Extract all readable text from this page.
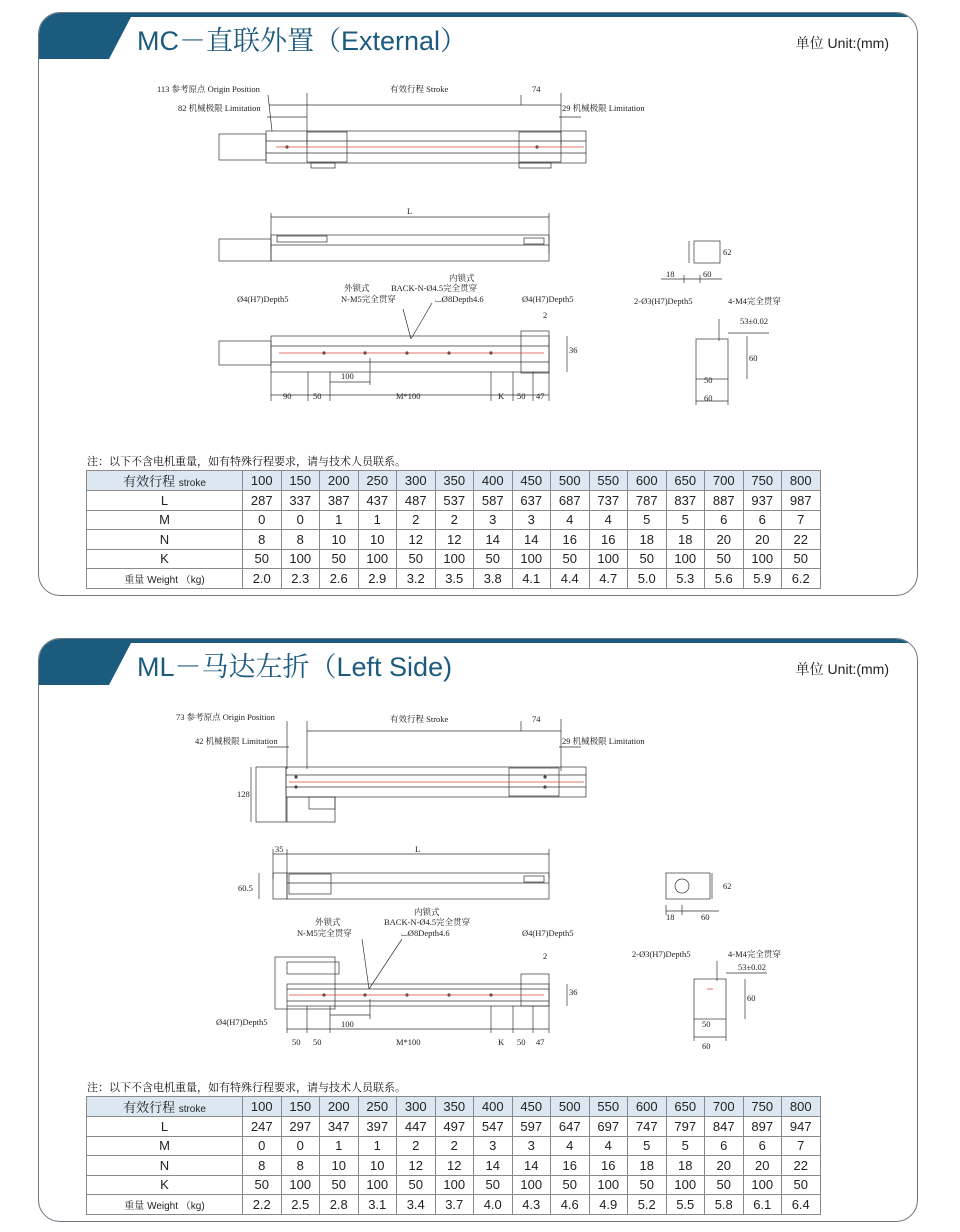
MC－直联外置（External）	单位 Unit:(mm)
113 参考原点 Origin Position	有效行程 Stroke	74
82 机械极限 Limitation	29 机械极限 Limitation
L
内锁式
BACK-N-Ø4.5完全贯穿
⌴Ø8Depth4.6
外锁式
N-M5完全贯穿
Ø4(H7)Depth5	Ø4(H7)Depth5
2
36
100
90	50	M*100	K 50 47
62
18	60
2-Ø3(H7)Depth5	4-M4完全贯穿
53±0.02
60
50
60
注：以下不含电机重量，如有特殊行程要求，请与技术人员联系。
有效行程 stroke	100	150	200	250	300	350	400	450	500	550	600	650	700	750	800
L	287	337	387	437	487	537	587	637	687	737	787	837	887	937	987
M	0	0	1	1	2	2	3	3	4	4	5	5	6	6	7
N	8	8	10	10	12	12	14	14	16	16	18	18	20	20	22
K	50	100	50	100	50	100	50	100	50	100	50	100	50	100	50
重量 Weight （kg)	2.0	2.3	2.6	2.9	3.2	3.5	3.8	4.1	4.4	4.7	5.0	5.3	5.6	5.9	6.2
ML－马达左折（Left Side)	单位 Unit:(mm)
73 参考原点 Origin Position	有效行程 Stroke	74
42 机械极限 Limitation	29 机械极限 Limitation
128
35	L
60.5
内锁式
BACK-N-Ø4.5完全贯穿
⌴Ø8Depth4.6
外锁式
N-M5完全贯穿
Ø4(H7)Depth5
Ø4(H7)Depth5
2
36
100
50 50	M*100	K 50 47
62
18	60
2-Ø3(H7)Depth5	4-M4完全贯穿
53±0.02
60
50
60
注：以下不含电机重量，如有特殊行程要求，请与技术人员联系。
有效行程 stroke	100	150	200	250	300	350	400	450	500	550	600	650	700	750	800
L	247	297	347	397	447	497	547	597	647	697	747	797	847	897	947
M	0	0	1	1	2	2	3	3	4	4	5	5	6	6	7
N	8	8	10	10	12	12	14	14	16	16	18	18	20	20	22
K	50	100	50	100	50	100	50	100	50	100	50	100	50	100	50
重量 Weight （kg)	2.2	2.5	2.8	3.1	3.4	3.7	4.0	4.3	4.6	4.9	5.2	5.5	5.8	6.1	6.4
